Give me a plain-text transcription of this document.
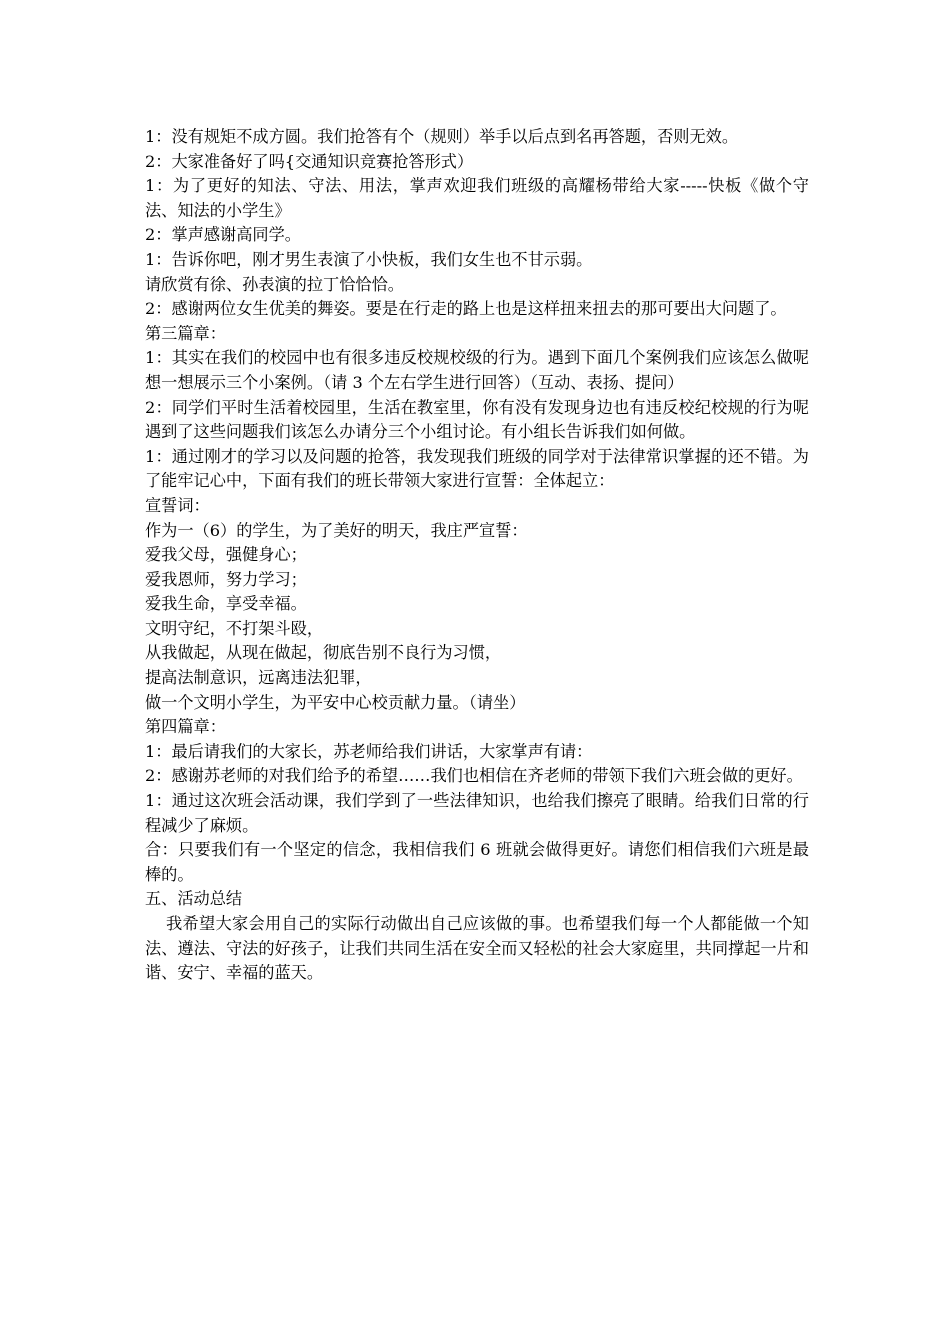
1：没有规矩不成方圆。我们抢答有个（规则）举手以后点到名再答题，否则无效。

2：大家准备好了吗{交通知识竞赛抢答形式）

1：为了更好的知法、守法、用法，掌声欢迎我们班级的高耀杨带给大家-----快板《做个守法、知法的小学生》

2：掌声感谢高同学。

1：告诉你吧，刚才男生表演了小快板，我们女生也不甘示弱。

请欣赏有徐、孙表演的拉丁恰恰恰。

2：感谢两位女生优美的舞姿。要是在行走的路上也是这样扭来扭去的那可要出大问题了。

第三篇章：

1：其实在我们的校园中也有很多违反校规校级的行为。遇到下面几个案例我们应该怎么做呢想一想展示三个小案例。（请 3 个左右学生进行回答）（互动、表扬、提问）

2：同学们平时生活着校园里，生活在教室里，你有没有发现身边也有违反校纪校规的行为呢遇到了这些问题我们该怎么办请分三个小组讨论。有小组长告诉我们如何做。

1：通过刚才的学习以及问题的抢答，我发现我们班级的同学对于法律常识掌握的还不错。为了能牢记心中，下面有我们的班长带领大家进行宣誓：全体起立：

宣誓词：

作为一（6）的学生，为了美好的明天，我庄严宣誓：

爱我父母，强健身心；

爱我恩师，努力学习；

爱我生命，享受幸福。

文明守纪，不打架斗殴，

从我做起，从现在做起，彻底告别不良行为习惯，

提高法制意识，远离违法犯罪，

做一个文明小学生，为平安中心校贡献力量。（请坐）

第四篇章：

1：最后请我们的大家长，苏老师给我们讲话，大家掌声有请：

2：感谢苏老师的对我们给予的希望……我们也相信在齐老师的带领下我们六班会做的更好。

1：通过这次班会活动课，我们学到了一些法律知识，也给我们擦亮了眼睛。给我们日常的行程减少了麻烦。

合：只要我们有一个坚定的信念，我相信我们 6 班就会做得更好。请您们相信我们六班是最棒的。

五、活动总结

我希望大家会用自己的实际行动做出自己应该做的事。也希望我们每一个人都能做一个知法、遵法、守法的好孩子，让我们共同生活在安全而又轻松的社会大家庭里，共同撑起一片和谐、安宁、幸福的蓝天。
